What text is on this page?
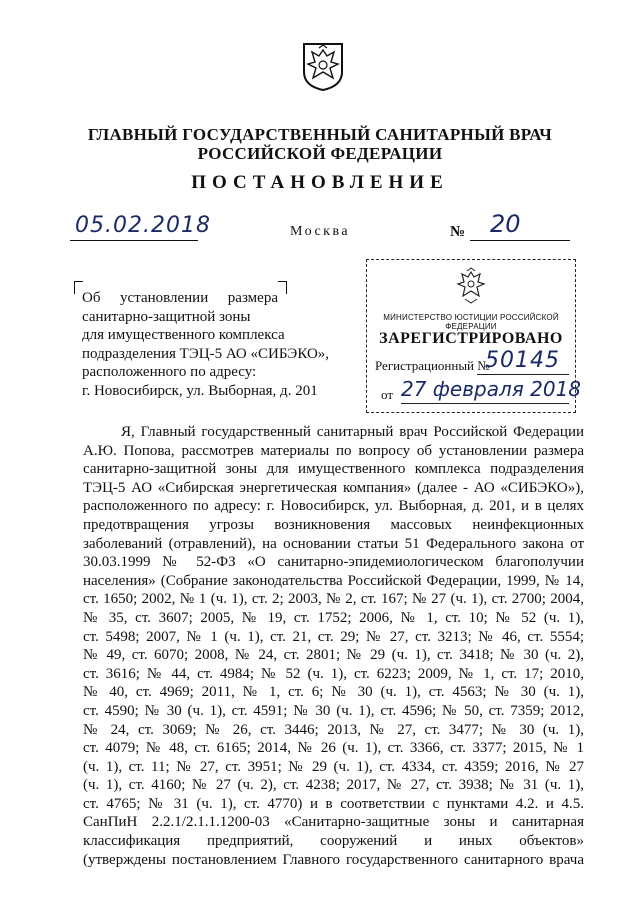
ГЛАВНЫЙ ГОСУДАРСТВЕННЫЙ САНИТАРНЫЙ ВРАЧ
РОССИЙСКОЙ ФЕДЕРАЦИИ
ПОСТАНОВЛЕНИЕ
05.02.2018	Москва	№ 20
Об установлении размера
санитарно-защитной зоны
для имущественного комплекса
подразделения ТЭЦ-5 АО «СИБЭКО»,
расположенного по адресу:
г. Новосибирск, ул. Выборная, д. 201
МИНИСТЕРСТВО ЮСТИЦИИ РОССИЙСКОЙ ФЕДЕРАЦИИ
ЗАРЕГИСТРИРОВАНО
Регистрационный №
50145
от 27 февраля 2018
Я, Главный государственный санитарный врач Российской Федерации
А.Ю. Попова, рассмотрев материалы по вопросу об установлении размера
санитарно-защитной зоны для имущественного комплекса подразделения
ТЭЦ-5 АО «Сибирская энергетическая компания» (далее - АО «СИБЭКО»),
расположенного по адресу: г. Новосибирск, ул. Выборная, д. 201, и в целях
предотвращения угрозы возникновения массовых неинфекционных
заболеваний (отравлений), на основании статьи 51 Федерального закона от
30.03.1999 № 52-ФЗ «О санитарно-эпидемиологическом благополучии
населения» (Собрание законодательства Российской Федерации, 1999, № 14,
ст. 1650; 2002, № 1 (ч. 1), ст. 2; 2003, № 2, ст. 167; № 27 (ч. 1), ст. 2700; 2004,
№ 35, ст. 3607; 2005, № 19, ст. 1752; 2006, № 1, ст. 10; № 52 (ч. 1),
ст. 5498; 2007, № 1 (ч. 1), ст. 21, ст. 29; № 27, ст. 3213; № 46, ст. 5554;
№ 49, ст. 6070; 2008, № 24, ст. 2801; № 29 (ч. 1), ст. 3418; № 30 (ч. 2),
ст. 3616; № 44, ст. 4984; № 52 (ч. 1), ст. 6223; 2009, № 1, ст. 17; 2010,
№ 40, ст. 4969; 2011, № 1, ст. 6; № 30 (ч. 1), ст. 4563; № 30 (ч. 1),
ст. 4590; № 30 (ч. 1), ст. 4591; № 30 (ч. 1), ст. 4596; № 50, ст. 7359; 2012,
№ 24, ст. 3069; № 26, ст. 3446; 2013, № 27, ст. 3477; № 30 (ч. 1),
ст. 4079; № 48, ст. 6165; 2014, № 26 (ч. 1), ст. 3366, ст. 3377; 2015, № 1
(ч. 1), ст. 11; № 27, ст. 3951; № 29 (ч. 1), ст. 4334, ст. 4359; 2016, № 27
(ч. 1), ст. 4160; № 27 (ч. 2), ст. 4238; 2017, № 27, ст. 3938; № 31 (ч. 1),
ст. 4765; № 31 (ч. 1), ст. 4770) и в соответствии с пунктами 4.2. и 4.5.
СанПиН 2.2.1/2.1.1.1200-03 «Санитарно-защитные зоны и санитарная
классификация предприятий, сооружений и иных объектов»
(утверждены постановлением Главного государственного санитарного врача
